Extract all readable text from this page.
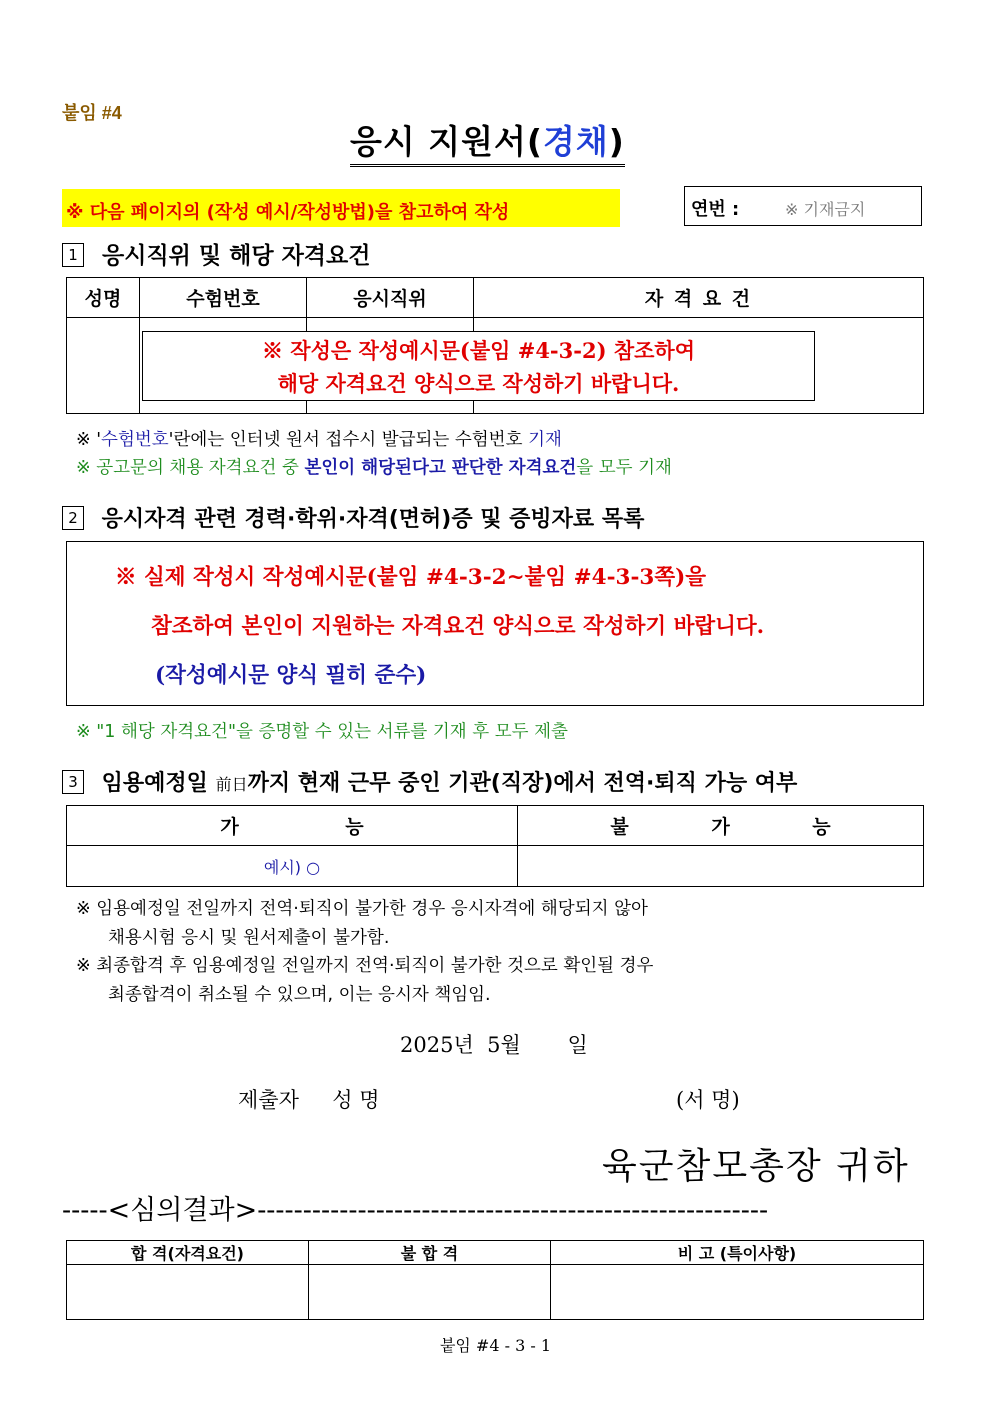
붙임 #4
응시 지원서(경채)
※ 다음 페이지의 (작성 예시/작성방법)을 참고하여 작성	연번 :	※ 기재금지
1 응시직위 및 해당 자격요건
성명	수험번호	응시직위	자 격 요 건

※ 작성은 작성예시문(붙임 #4-3-2) 참조하여
해당 자격요건 양식으로 작성하기 바랍니다.
※ '수험번호'란에는 인터넷 원서 접수시 발급되는 수험번호 기재
※ 공고문의 채용 자격요건 중 본인이 해당된다고 판단한 자격요건을 모두 기재
2 응시자격 관련 경력·학위·자격(면허)증 및 증빙자료 목록
※ 실제 작성시 작성예시문(붙임 #4-3-2~붙임 #4-3-3쪽)을
참조하여 본인이 지원하는 자격요건 양식으로 작성하기 바랍니다.
(작성예시문 양식 필히 준수)
※ "1 해당 자격요건"을 증명할 수 있는 서류를 기재 후 모두 제출
3 임용예정일 前日까지 현재 근무 중인 기관(직장)에서 전역·퇴직 가능 여부
가 능	불 가 능
예시) ○	
※ 임용예정일 전일까지 전역·퇴직이 불가한 경우 응시자격에 해당되지 않아
채용시험 응시 및 원서제출이 불가함.
※ 최종합격 후 임용예정일 전일까지 전역·퇴직이 불가한 것으로 확인될 경우
최종합격이 취소될 수 있으며, 이는 응시자 책임임.
2025년  5월       일
제출자     성 명	(서 명)
육군참모총장 귀하
-----<심의결과>--------------------------------------------------------
합 격(자격요건)	불 합 격	비 고 (특이사항)

붙임 #4 - 3 - 1
